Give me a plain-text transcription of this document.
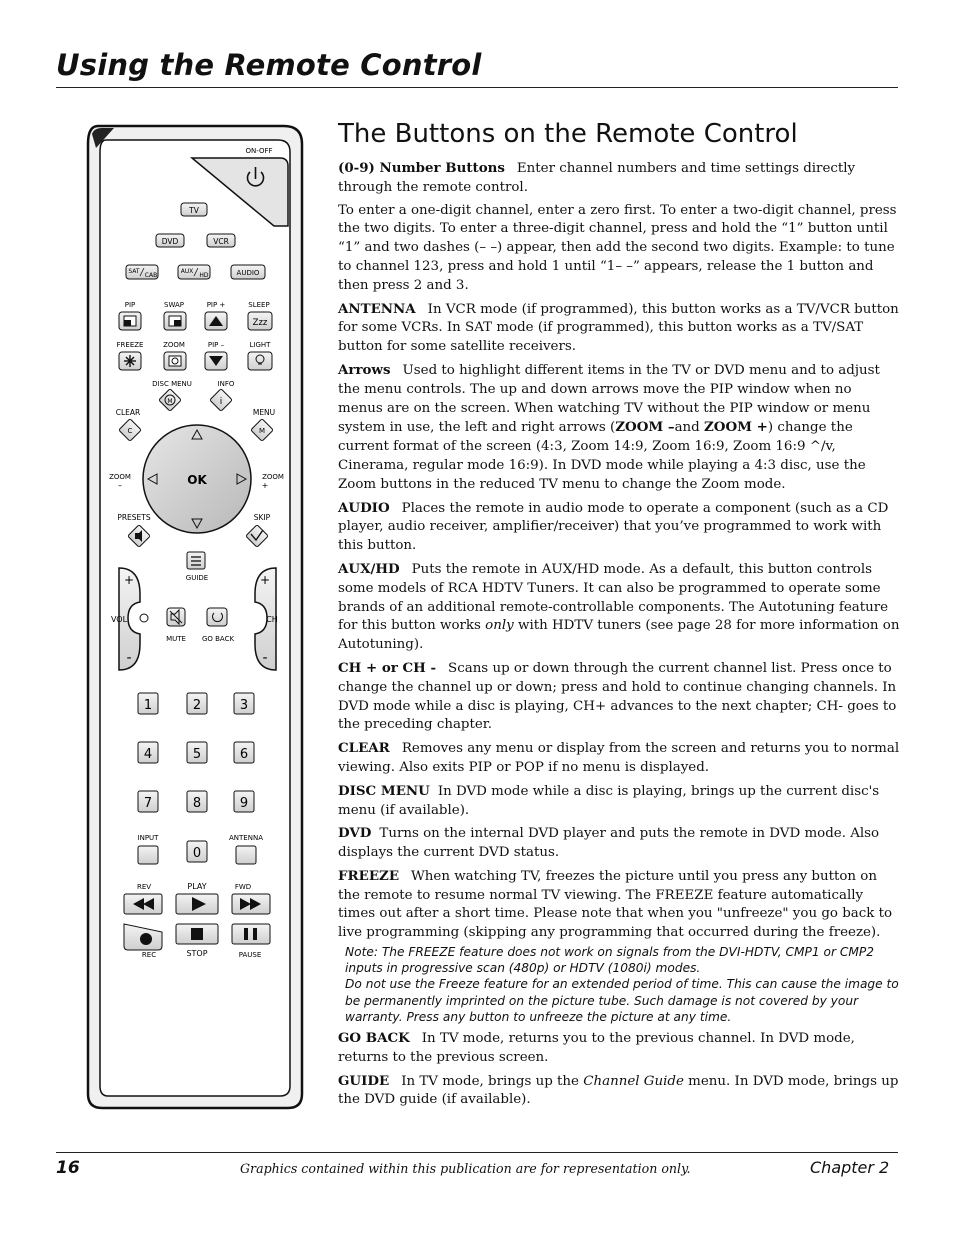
Using the Remote Control
ON-OFF
TV
DVD	VCR
SAT
CAB
AUX
HD	AUDIO
PIP	SWAP	PIP +	SLEEP
Zzz
FREEZE	ZOOM	PIP –	LIGHT
DISC MENU	INFO
M	i
CLEAR	MENU
C	M
OK
ZOOM
–
ZOOM
+
PRESETS	SKIP
GUIDE
+
-
VOL
+
-
CH
MUTE GO BACK
1	2	3
4	5	6
7	8	9
0
INPUT	ANTENNA
REV	PLAY	FWD
REC	STOP	PAUSE
The Buttons on the Remote Control

(0-9) Number Buttons Enter channel numbers and time settings directly through the remote control.

To enter a one-digit channel, enter a zero first. To enter a two-digit channel, press the two digits. To enter a three-digit channel, press and hold the “1” button until “1” and two dashes (– –) appear, then add the second two digits. Example: to tune to channel 123, press and hold 1 until “1– –” appears, release the 1 button and then press 2 and 3.

ANTENNA In VCR mode (if programmed), this button works as a TV/VCR button for some VCRs. In SAT mode (if programmed), this button works as a TV/SAT button for some satellite receivers.

Arrows Used to highlight different items in the TV or DVD menu and to adjust the menu controls. The up and down arrows move the PIP window when no menus are on the screen. When watching TV without the PIP window or menu system in use, the left and right arrows (ZOOM –and ZOOM +) change the current format of the screen (4:3, Zoom 14:9, Zoom 16:9, Zoom 16:9 ^/v, Cinerama, regular mode 16:9). In DVD mode while playing a 4:3 disc, use the Zoom buttons in the reduced TV menu to change the Zoom mode.

AUDIO Places the remote in audio mode to operate a component (such as a CD player, audio receiver, amplifier/receiver) that you’ve programmed to work with this button.

AUX/HD Puts the remote in AUX/HD mode. As a default, this button controls some models of RCA HDTV Tuners. It can also be programmed to operate some brands of an additional remote-controllable components. The Autotuning feature for this button works only with HDTV tuners (see page 28 for more information on Autotuning).

CH + or CH - Scans up or down through the current channel list. Press once to change the channel up or down; press and hold to continue changing channels. In DVD mode while a disc is playing, CH+ advances to the next chapter; CH- goes to the preceding chapter.

CLEAR Removes any menu or display from the screen and returns you to normal viewing. Also exits PIP or POP if no menu is displayed.

DISC MENU In DVD mode while a disc is playing, brings up the current disc's menu (if available).

DVD Turns on the internal DVD player and puts the remote in DVD mode. Also displays the current DVD status.

FREEZE When watching TV, freezes the picture until you press any button on the remote to resume normal TV viewing. The FREEZE feature automatically times out after a short time. Please note that when you "unfreeze" you go back to live programming (skipping any programming that occurred during the freeze).

Note: The FREEZE feature does not work on signals from the DVI-HDTV, CMP1 or CMP2 inputs in progressive scan (480p) or HDTV (1080i) modes.
Do not use the Freeze feature for an extended period of time. This can cause the image to be permanently imprinted on the picture tube. Such damage is not covered by your warranty. Press any button to unfreeze the picture at any time.

GO BACK In TV mode, returns you to the previous channel. In DVD mode, returns to the previous screen.

GUIDE In TV mode, brings up the Channel Guide menu. In DVD mode, brings up the DVD guide (if available).

16	Graphics contained within this publication are for representation only.	Chapter 2
